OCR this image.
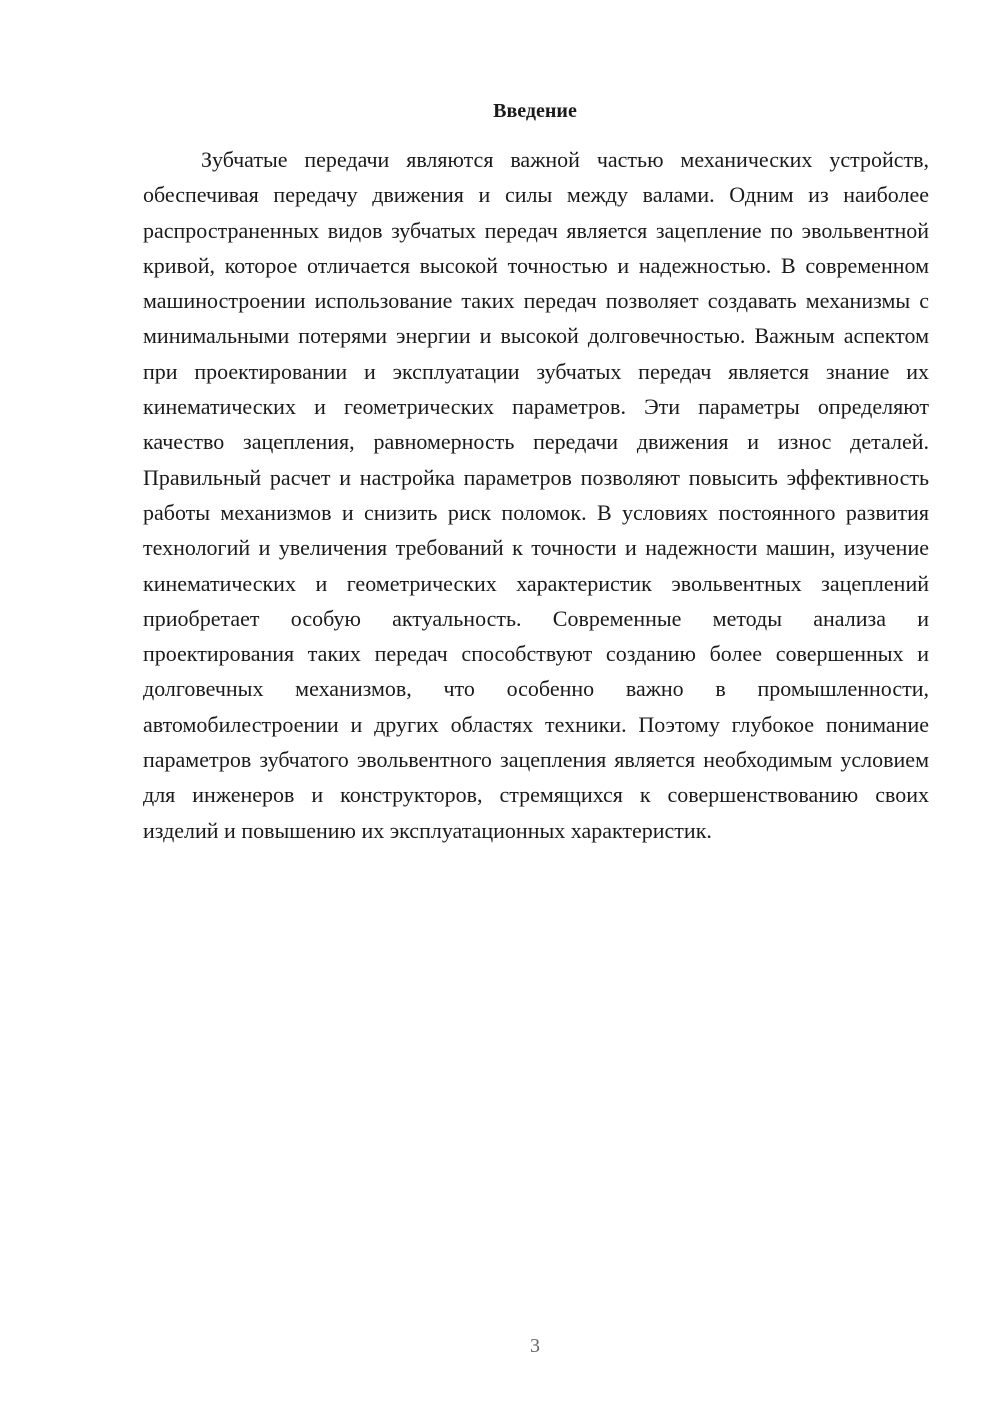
Введение

Зубчатые передачи являются важной частью механических устройств, обеспечивая передачу движения и силы между валами. Одним из наиболее распространенных видов зубчатых передач является зацепление по эвольвентной кривой, которое отличается высокой точностью и надежностью. В современном машиностроении использование таких передач позволяет создавать механизмы с минимальными потерями энергии и высокой долговечностью. Важным аспектом при проектировании и эксплуатации зубчатых передач является знание их кинематических и геометрических параметров. Эти параметры определяют качество зацепления, равномерность передачи движения и износ деталей. Правильный расчет и настройка параметров позволяют повысить эффективность работы механизмов и снизить риск поломок. В условиях постоянного развития технологий и увеличения требований к точности и надежности машин, изучение кинематических и геометрических характеристик эвольвентных зацеплений приобретает особую актуальность. Современные методы анализа и проектирования таких передач способствуют созданию более совершенных и долговечных механизмов, что особенно важно в промышленности, автомобилестроении и других областях техники. Поэтому глубокое понимание параметров зубчатого эвольвентного зацепления является необходимым условием для инженеров и конструкторов, стремящихся к совершенствованию своих изделий и повышению их эксплуатационных характеристик.

3
